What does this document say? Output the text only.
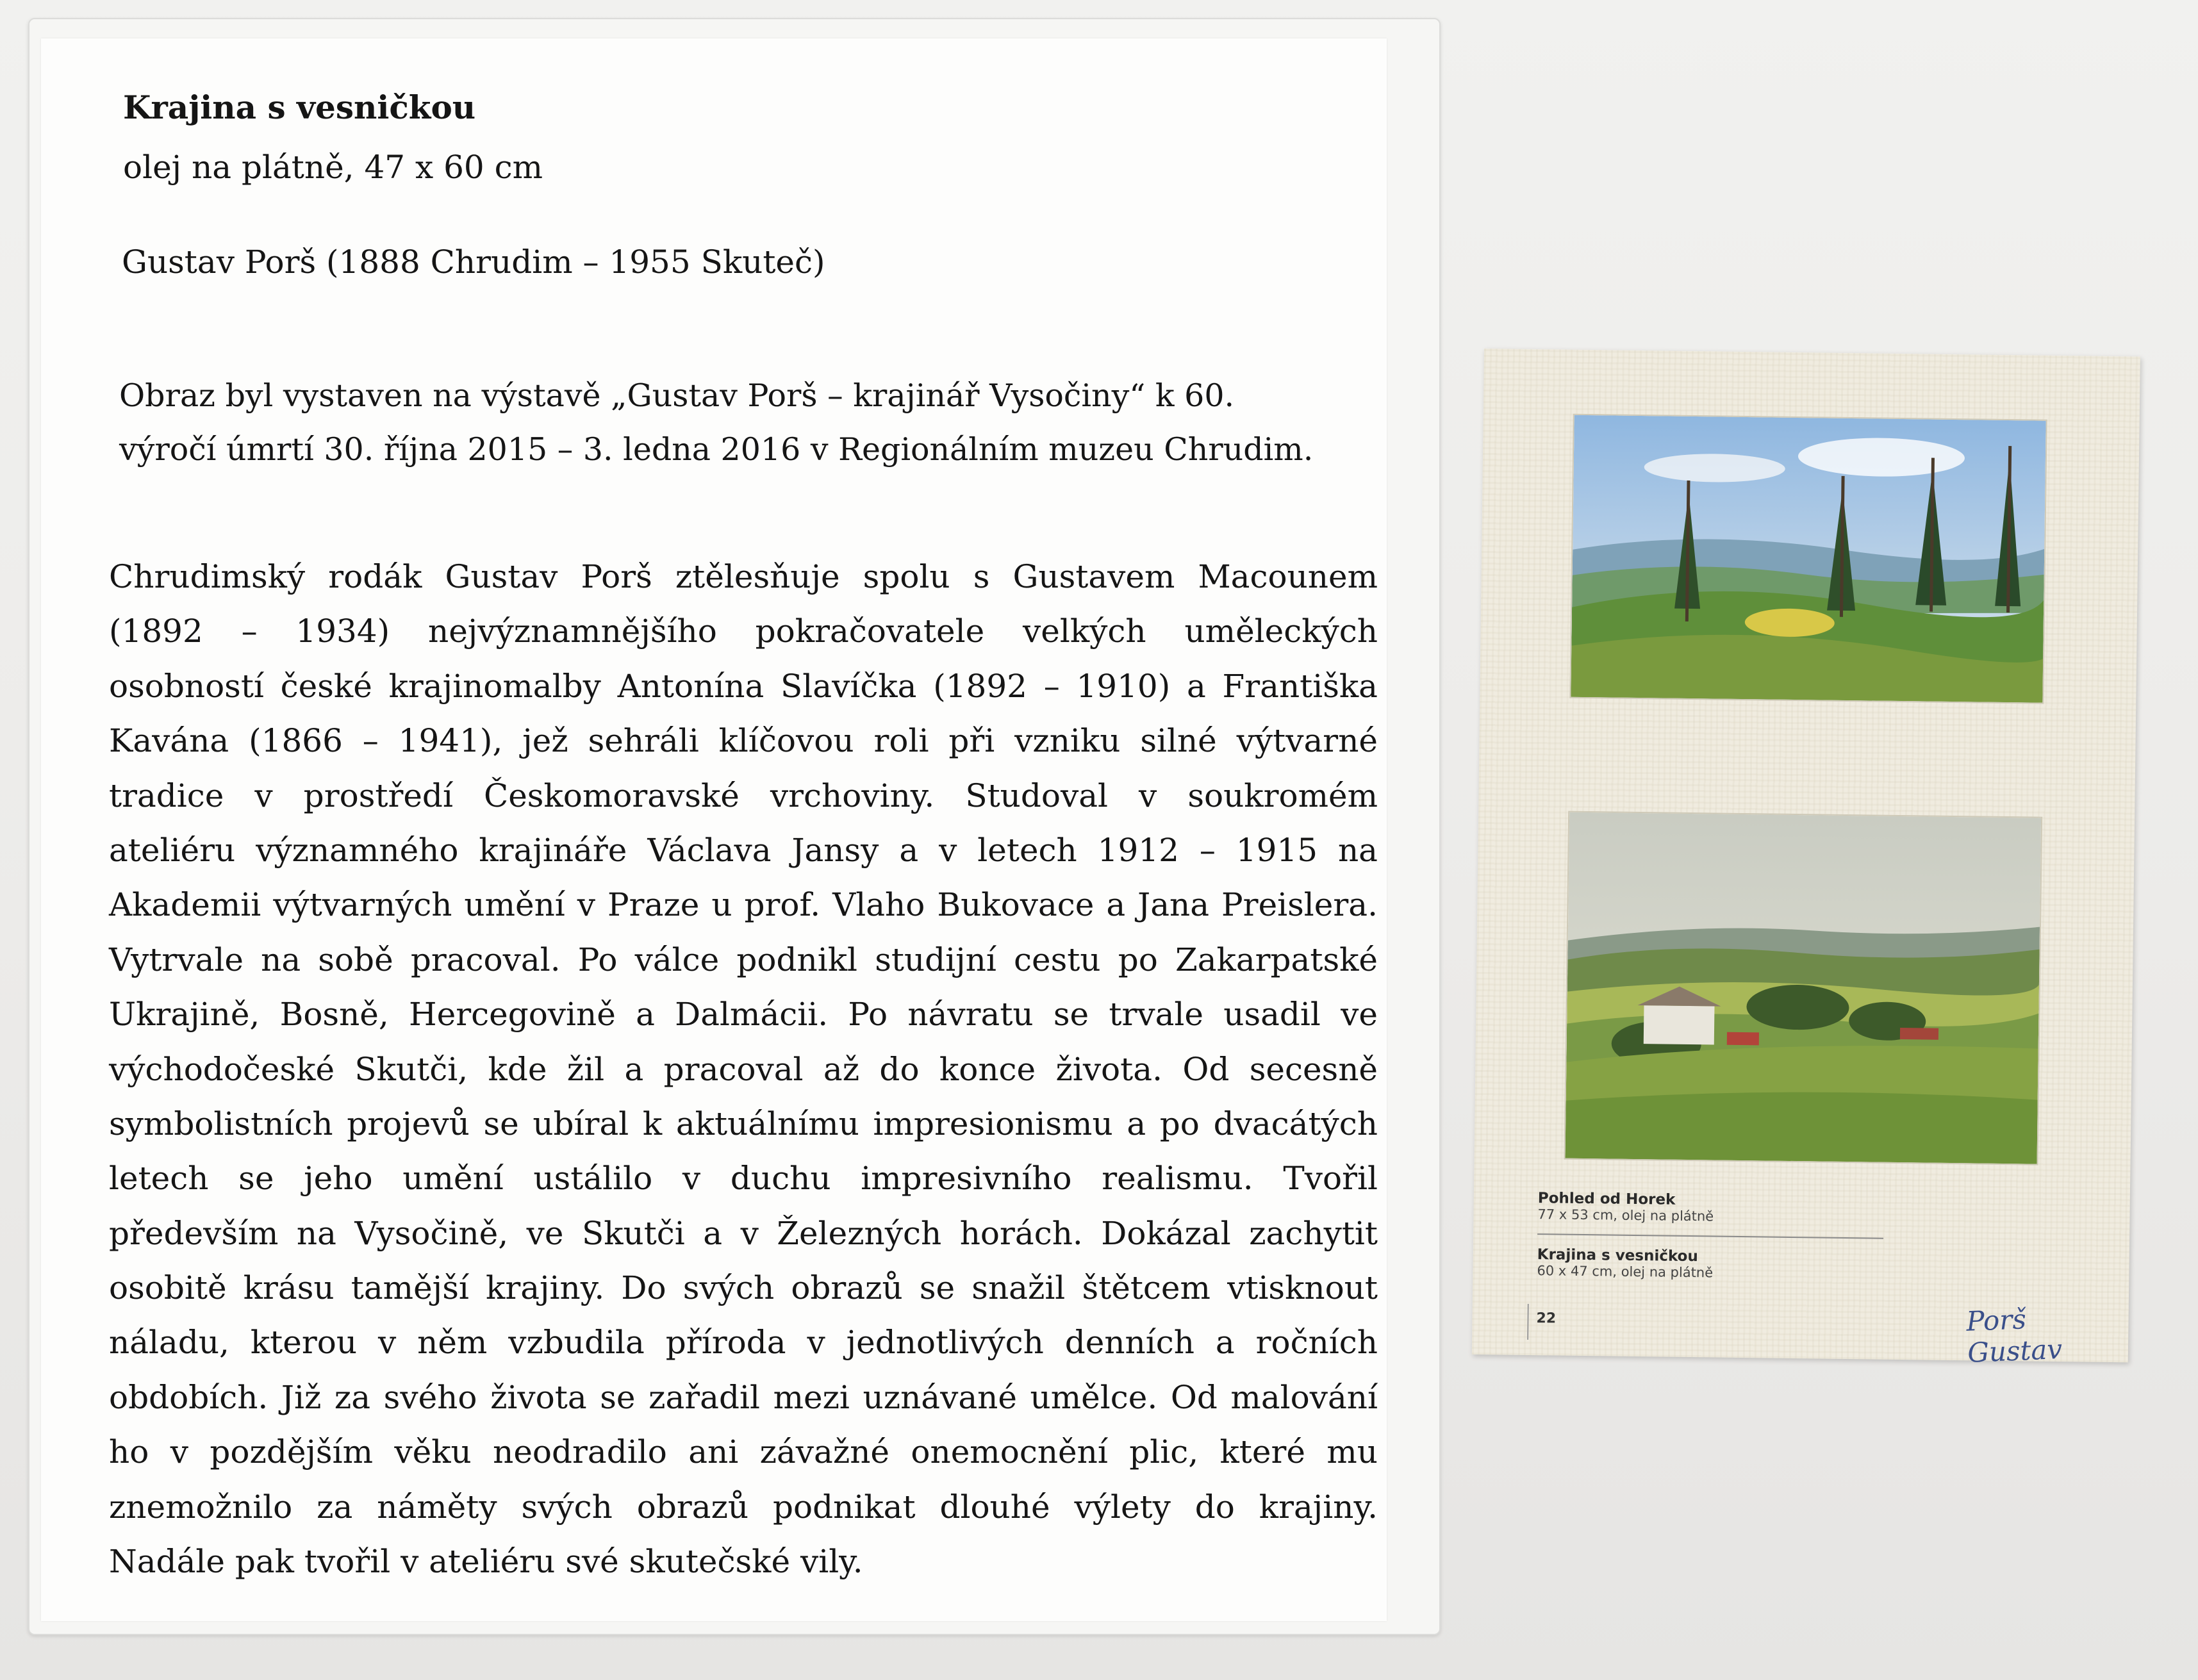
Krajina s vesničkou
olej na plátně, 47 x 60 cm
Gustav Porš (1888 Chrudim – 1955 Skuteč)
Obraz byl vystaven na výstavě „Gustav Porš – krajinář Vysočiny“ k 60.
výročí úmrtí 30. října 2015 – 3. ledna 2016 v Regionálním muzeu Chrudim.
Chrudimský rodák Gustav Porš ztělesňuje spolu s Gustavem Macounem
(1892 – 1934) nejvýznamnějšího pokračovatele velkých uměleckých
osobností české krajinomalby Antonína Slavíčka (1892 – 1910) a Františka
Kavána (1866 – 1941), jež sehráli klíčovou roli při vzniku silné výtvarné
tradice v prostředí Českomoravské vrchoviny. Studoval v soukromém
ateliéru významného krajináře Václava Jansy a v letech 1912 – 1915 na
Akademii výtvarných umění v Praze u prof. Vlaho Bukovace a Jana Preislera.
Vytrvale na sobě pracoval. Po válce podnikl studijní cestu po Zakarpatské
Ukrajině, Bosně, Hercegovině a Dalmácii. Po návratu se trvale usadil ve
východočeské Skutči, kde žil a pracoval až do konce života. Od secesně
symbolistních projevů se ubíral k aktuálnímu impresionismu a po dvacátých
letech se jeho umění ustálilo v duchu impresivního realismu. Tvořil
především na Vysočině, ve Skutči a v Železných horách. Dokázal zachytit
osobitě krásu tamější krajiny. Do svých obrazů se snažil štětcem vtisknout
náladu, kterou v něm vzbudila příroda v jednotlivých denních a ročních
obdobích. Již za svého života se zařadil mezi uznávané umělce. Od malování
ho v pozdějším věku neodradilo ani závažné onemocnění plic, které mu
znemožnilo za náměty svých obrazů podnikat dlouhé výlety do krajiny.
Nadále pak tvořil v ateliéru své skutečské vily.
Pohled od Horek
77 x 53 cm, olej na plátně
Krajina s vesničkou
60 x 47 cm, olej na plátně
22	Porš Gustav
